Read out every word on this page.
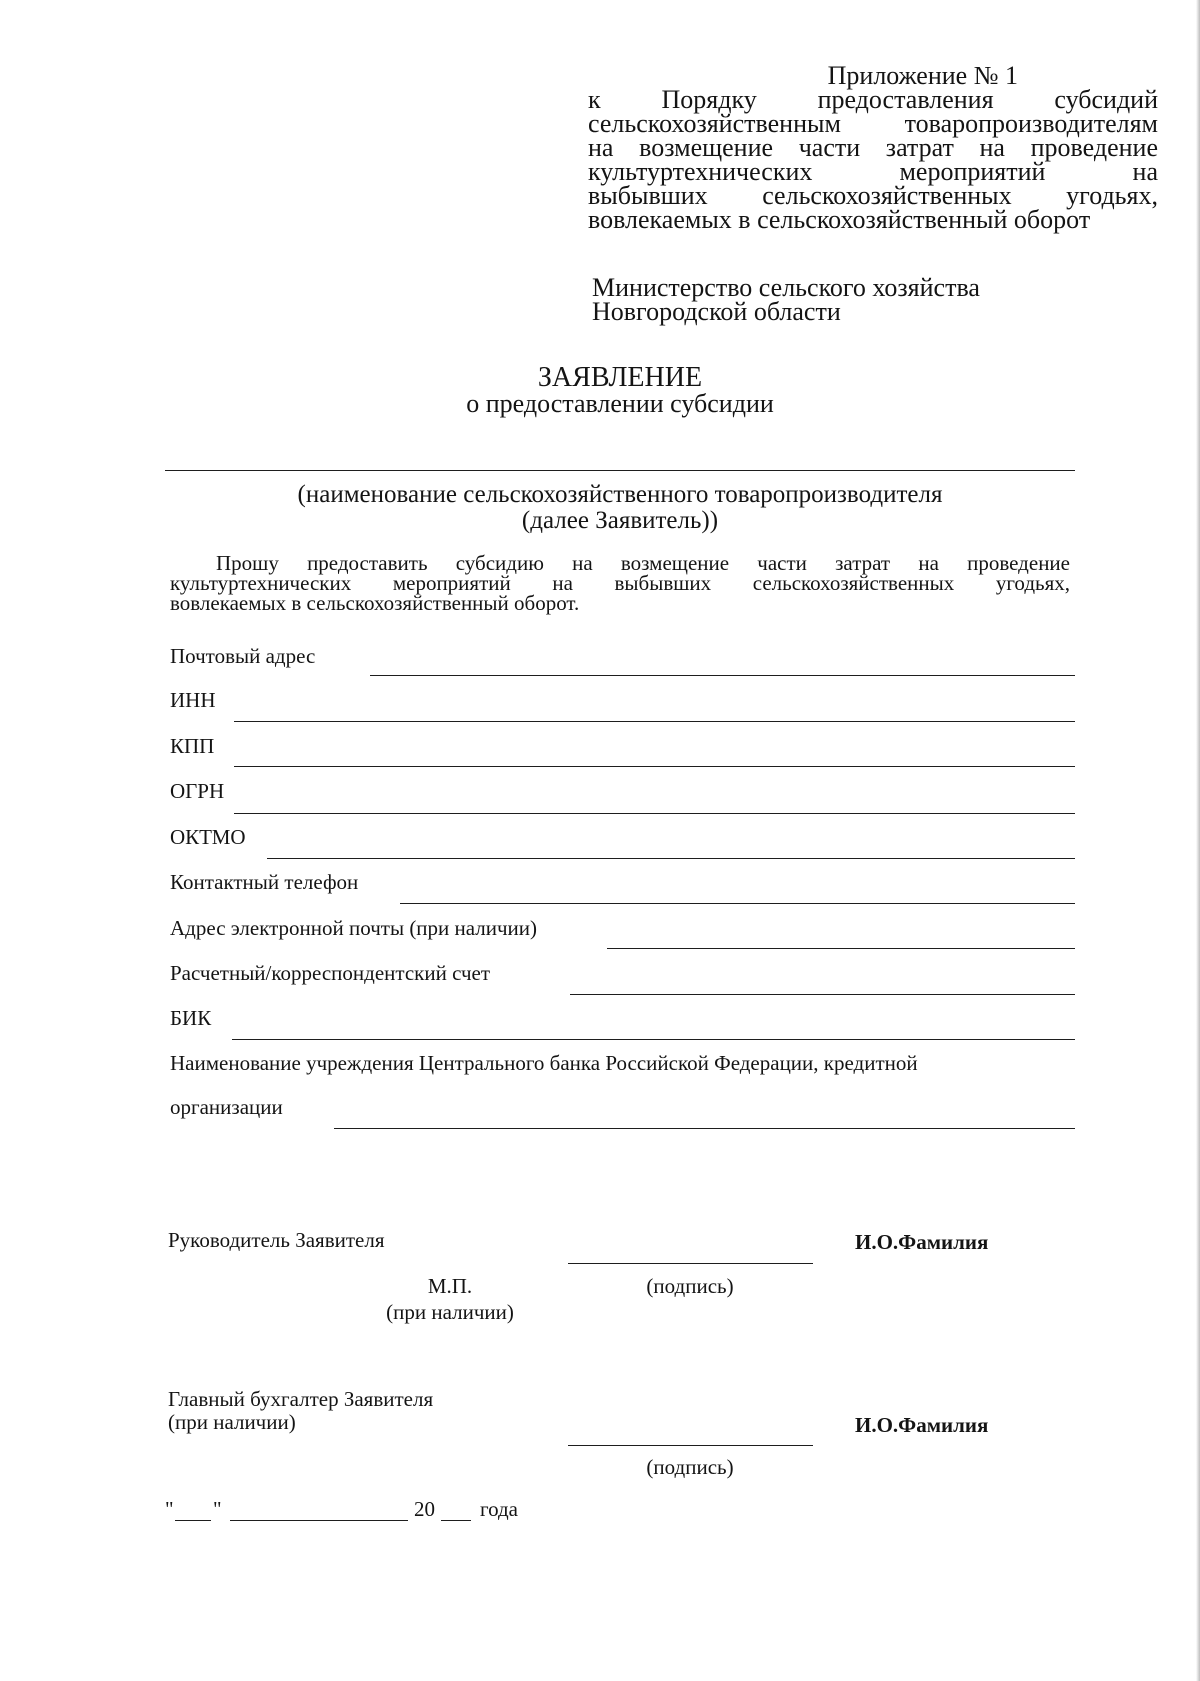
Приложение № 1
к Порядку предоставления субсидий
сельскохозяйственным товаропроизводителям
на возмещение части затрат на проведение
культуртехнических мероприятий на
выбывших сельскохозяйственных угодьях,
вовлекаемых в сельскохозяйственный оборот
Министерство сельского хозяйства
Новгородской области
ЗАЯВЛЕНИЕ
о предоставлении субсидии
(наименование сельскохозяйственного товаропроизводителя
(далее Заявитель))
Прошу предоставить субсидию на возмещение части затрат на проведение
культуртехнических мероприятий на выбывших сельскохозяйственных угодьях,
вовлекаемых в сельскохозяйственный оборот.
Почтовый адрес
ИНН
КПП
ОГРН
ОКТМО
Контактный телефон
Адрес электронной почты (при наличии)
Расчетный/корреспондентский счет
БИК
Наименование учреждения Центрального банка Российской Федерации, кредитной
организации
Руководитель Заявителя	И.О.Фамилия
М.П.
(при наличии)
(подпись)
Главный бухгалтер Заявителя
(при наличии)	И.О.Фамилия
(подпись)
" "	20 года
